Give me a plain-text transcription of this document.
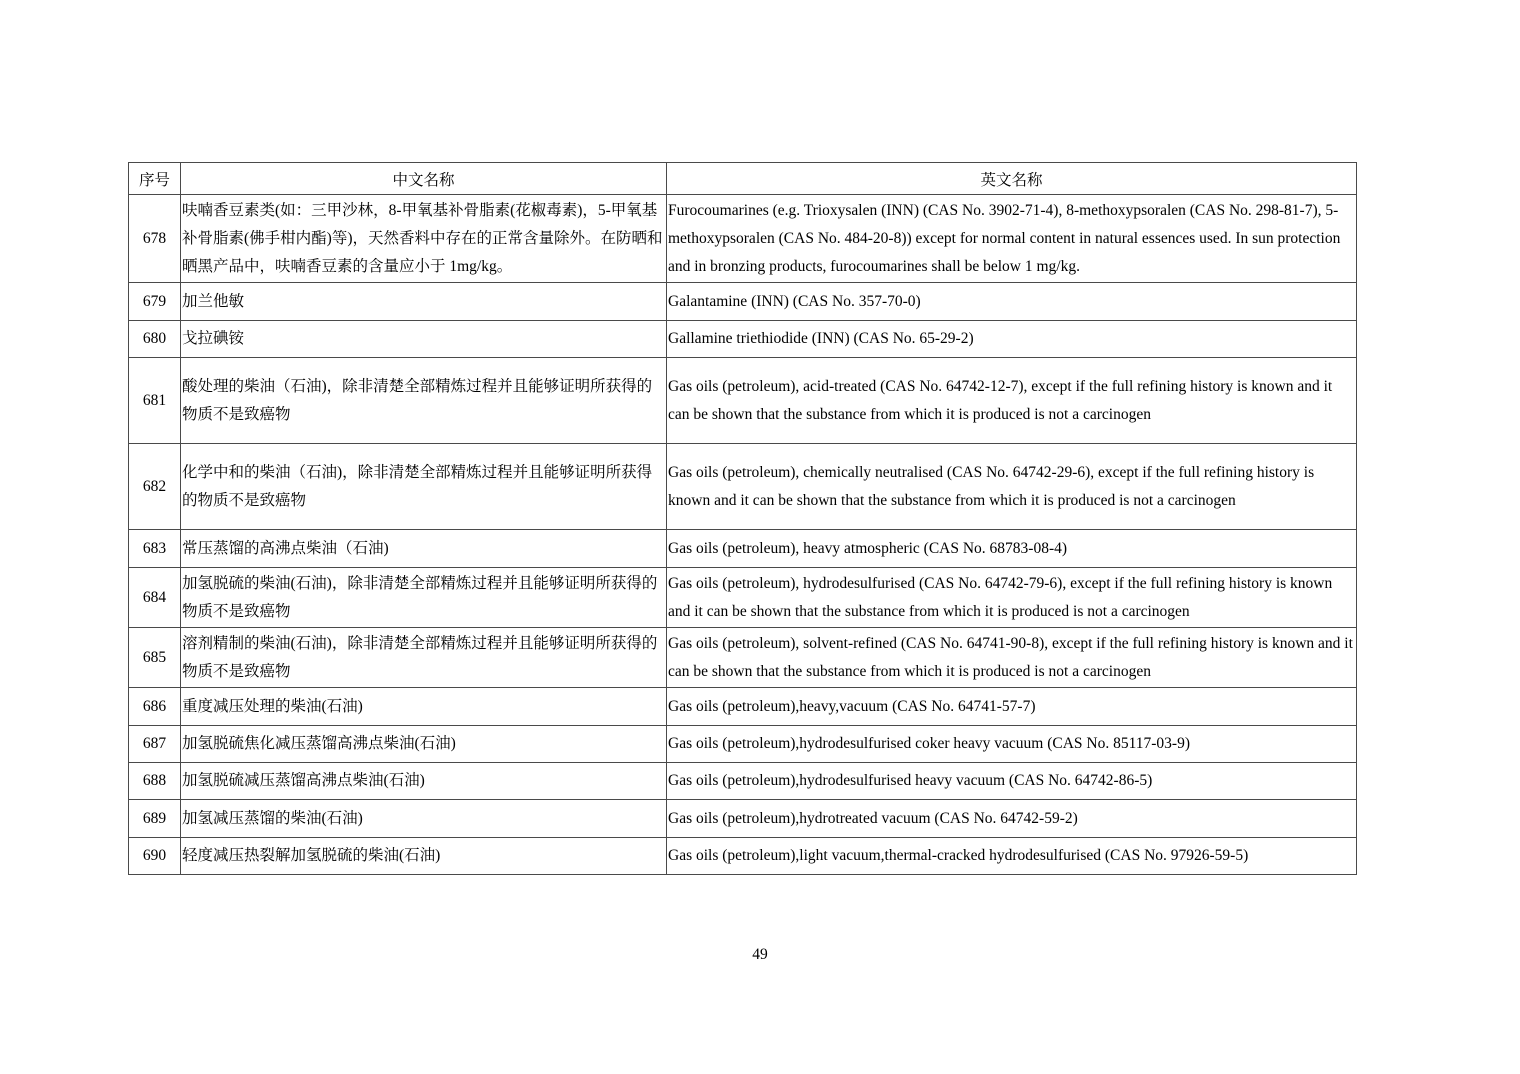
序号	中文名称	英文名称
678	呋喃香豆素类(如：三甲沙林，8-甲氧基补骨脂素(花椒毒素)，5-甲氧基补骨脂素(佛手柑内酯)等)，天然香料中存在的正常含量除外。在防晒和晒黑产品中，呋喃香豆素的含量应小于 1mg/kg。	Furocoumarines (e.g. Trioxysalen (INN) (CAS No. 3902-71-4), 8-methoxypsoralen (CAS No. 298-81-7), 5-methoxypsoralen (CAS No. 484-20-8)) except for normal content in natural essences used. In sun protection and in bronzing products, furocoumarines shall be below 1 mg/kg.
679	加兰他敏	Galantamine (INN) (CAS No. 357-70-0)
680	戈拉碘铵	Gallamine triethiodide (INN) (CAS No. 65-29-2)
681	酸处理的柴油（石油)，除非清楚全部精炼过程并且能够证明所获得的物质不是致癌物	Gas oils (petroleum), acid-treated (CAS No. 64742-12-7), except if the full refining history is known and it can be shown that the substance from which it is produced is not a carcinogen
682	化学中和的柴油（石油)，除非清楚全部精炼过程并且能够证明所获得的物质不是致癌物	Gas oils (petroleum), chemically neutralised (CAS No. 64742-29-6), except if the full refining history is known and it can be shown that the substance from which it is produced is not a carcinogen
683	常压蒸馏的高沸点柴油（石油)	Gas oils (petroleum), heavy atmospheric (CAS No. 68783-08-4)
684	加氢脱硫的柴油(石油)，除非清楚全部精炼过程并且能够证明所获得的物质不是致癌物	Gas oils (petroleum), hydrodesulfurised (CAS No. 64742-79-6), except if the full refining history is known and it can be shown that the substance from which it is produced is not a carcinogen
685	溶剂精制的柴油(石油)，除非清楚全部精炼过程并且能够证明所获得的物质不是致癌物	Gas oils (petroleum), solvent-refined (CAS No. 64741-90-8), except if the full refining history is known and it can be shown that the substance from which it is produced is not a carcinogen
686	重度减压处理的柴油(石油)	Gas oils (petroleum),heavy,vacuum (CAS No. 64741-57-7)
687	加氢脱硫焦化减压蒸馏高沸点柴油(石油)	Gas oils (petroleum),hydrodesulfurised coker heavy vacuum (CAS No. 85117-03-9)
688	加氢脱硫减压蒸馏高沸点柴油(石油)	Gas oils (petroleum),hydrodesulfurised heavy vacuum (CAS No. 64742-86-5)
689	加氢减压蒸馏的柴油(石油)	Gas oils (petroleum),hydrotreated vacuum (CAS No. 64742-59-2)
690	轻度减压热裂解加氢脱硫的柴油(石油)	Gas oils (petroleum),light vacuum,thermal-cracked hydrodesulfurised (CAS No. 97926-59-5)
49
